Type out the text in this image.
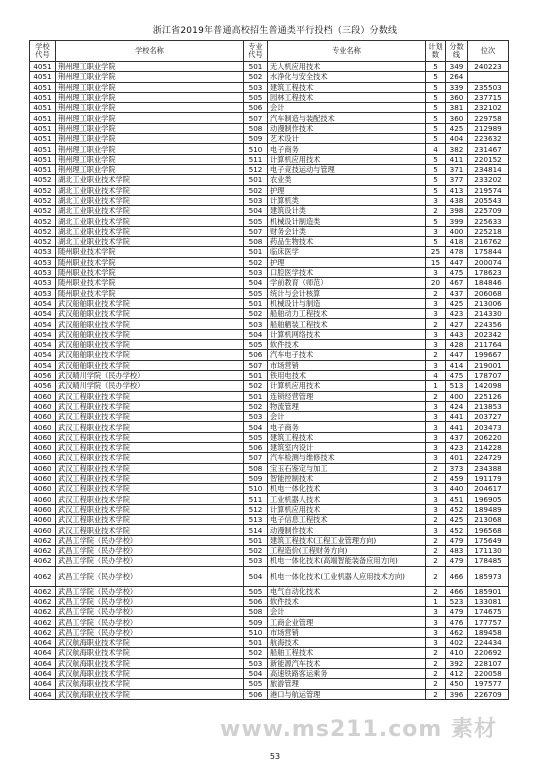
浙江省2019年普通高校招生普通类平行投档（三段）分数线
学校代号	学校名称	专业代号	专业名称	计划数	分数线	位次
4051	荆州理工职业学院	501	无人机应用技术	5	349	240223
4051	荆州理工职业学院	502	水净化与安全技术	5	264	
4051	荆州理工职业学院	503	建筑工程技术	5	339	235503
4051	荆州理工职业学院	505	园林工程技术	5	360	237715
4051	荆州理工职业学院	506	会计	5	381	232102
4051	荆州理工职业学院	507	汽车制造与装配技术	5	360	229758
4051	荆州理工职业学院	508	动漫制作技术	5	425	212989
4051	荆州理工职业学院	509	艺术设计	5	404	223632
4051	荆州理工职业学院	510	电子商务	4	382	231467
4051	荆州理工职业学院	511	计算机应用技术	5	411	220152
4051	荆州理工职业学院	512	电子竞技运动与管理	5	371	234814
4052	湖北工业职业技术学院	501	农业类	5	377	233202
4052	湖北工业职业技术学院	502	护理	5	413	219574
4052	湖北工业职业技术学院	503	计算机类	3	438	205543
4052	湖北工业职业技术学院	504	建筑设计类	2	398	225709
4052	湖北工业职业技术学院	505	机械设计制造类	5	399	225633
4052	湖北工业职业技术学院	507	财务会计类	3	400	225218
4052	湖北工业职业技术学院	508	药品生物技术	5	418	216762
4053	随州职业技术学院	501	临床医学	25	478	175844
4053	随州职业技术学院	502	护理	15	447	200074
4053	随州职业技术学院	503	口腔医学技术	3	475	178623
4053	随州职业技术学院	504	学前教育（师范）	20	467	184846
4053	随州职业技术学院	505	统计与会计核算	2	437	206068
4054	武汉船舶职业技术学院	501	机械设计与制造	3	425	213006
4054	武汉船舶职业技术学院	502	船舶动力工程技术	3	423	214330
4054	武汉船舶职业技术学院	503	船舶舾装工程技术	2	427	224356
4054	武汉船舶职业技术学院	504	计算机网络技术	3	443	202342
4054	武汉船舶职业技术学院	505	软件技术	3	428	211764
4054	武汉船舶职业技术学院	506	汽车电子技术	2	447	199667
4054	武汉船舶职业技术学院	507	市场营销	3	414	219001
4056	武汉晴川学院（民办学校）	501	铁用电技术	4	475	178707
4056	武汉晴川学院（民办学校）	502	计算机应用技术	1	513	142098
4060	武汉工程职业技术学院	501	连锁经营管理	2	400	225126
4060	武汉工程职业技术学院	502	物流管理	3	424	213853
4060	武汉工程职业技术学院	503	会计	3	441	203727
4060	武汉工程职业技术学院	504	电子商务	3	441	203473
4060	武汉工程职业技术学院	505	建筑工程技术	3	437	206220
4060	武汉工程职业技术学院	506	建筑室内设计	3	423	214228
4060	武汉工程职业技术学院	507	汽车检测与维修技术	3	401	224729
4060	武汉工程职业技术学院	508	宝玉石鉴定与加工	2	373	234388
4060	武汉工程职业技术学院	509	智能控制技术	2	459	191179
4060	武汉工程职业技术学院	510	机电一体化技术	3	440	204617
4060	武汉工程职业技术学院	511	工业机器人技术	3	451	196905
4060	武汉工程职业技术学院	512	计算机应用技术	3	452	189489
4060	武汉工程职业技术学院	513	电子信息工程技术	2	425	213068
4060	武汉工程职业技术学院	514	动漫制作技术	3	452	196568
4062	武昌工学院（民办学校）	501	建筑工程技术(工程工业管理方向)	2	479	175649
4062	武昌工学院（民办学校）	502	工程造价(工程财务方向)	2	483	171130
4062	武昌工学院（民办学校）	503	机电一体化技术(高端智能装备应用方向)	2	479	178485
4062	武昌工学院（民办学校）	504	机电一体化技术(工业机器人应用技术方向)	2	466	185973
4062	武昌工学院（民办学校）	505	电气自动化技术	2	466	185901
4062	武昌工学院（民办学校）	506	软件技术	1	523	133081
4062	武昌工学院（民办学校）	508	会计	3	479	174675
4062	武昌工学院（民办学校）	509	工商企业管理	3	476	177757
4062	武昌工学院（民办学校）	510	市场营销	3	462	189458
4064	武汉航海职业技术学院	501	航海技术	3	402	224434
4064	武汉航海职业技术学院	502	船舶工程技术	2	410	220692
4064	武汉航海职业技术学院	503	新能源汽车技术	2	392	228107
4064	武汉航海职业技术学院	504	高速铁路客运乘务	2	412	220058
4064	武汉航海职业技术学院	505	旅游管理	2	450	197577
4064	武汉航海职业技术学院	506	港口与航运管理	2	396	226709
www.ms211.com 素材
53
